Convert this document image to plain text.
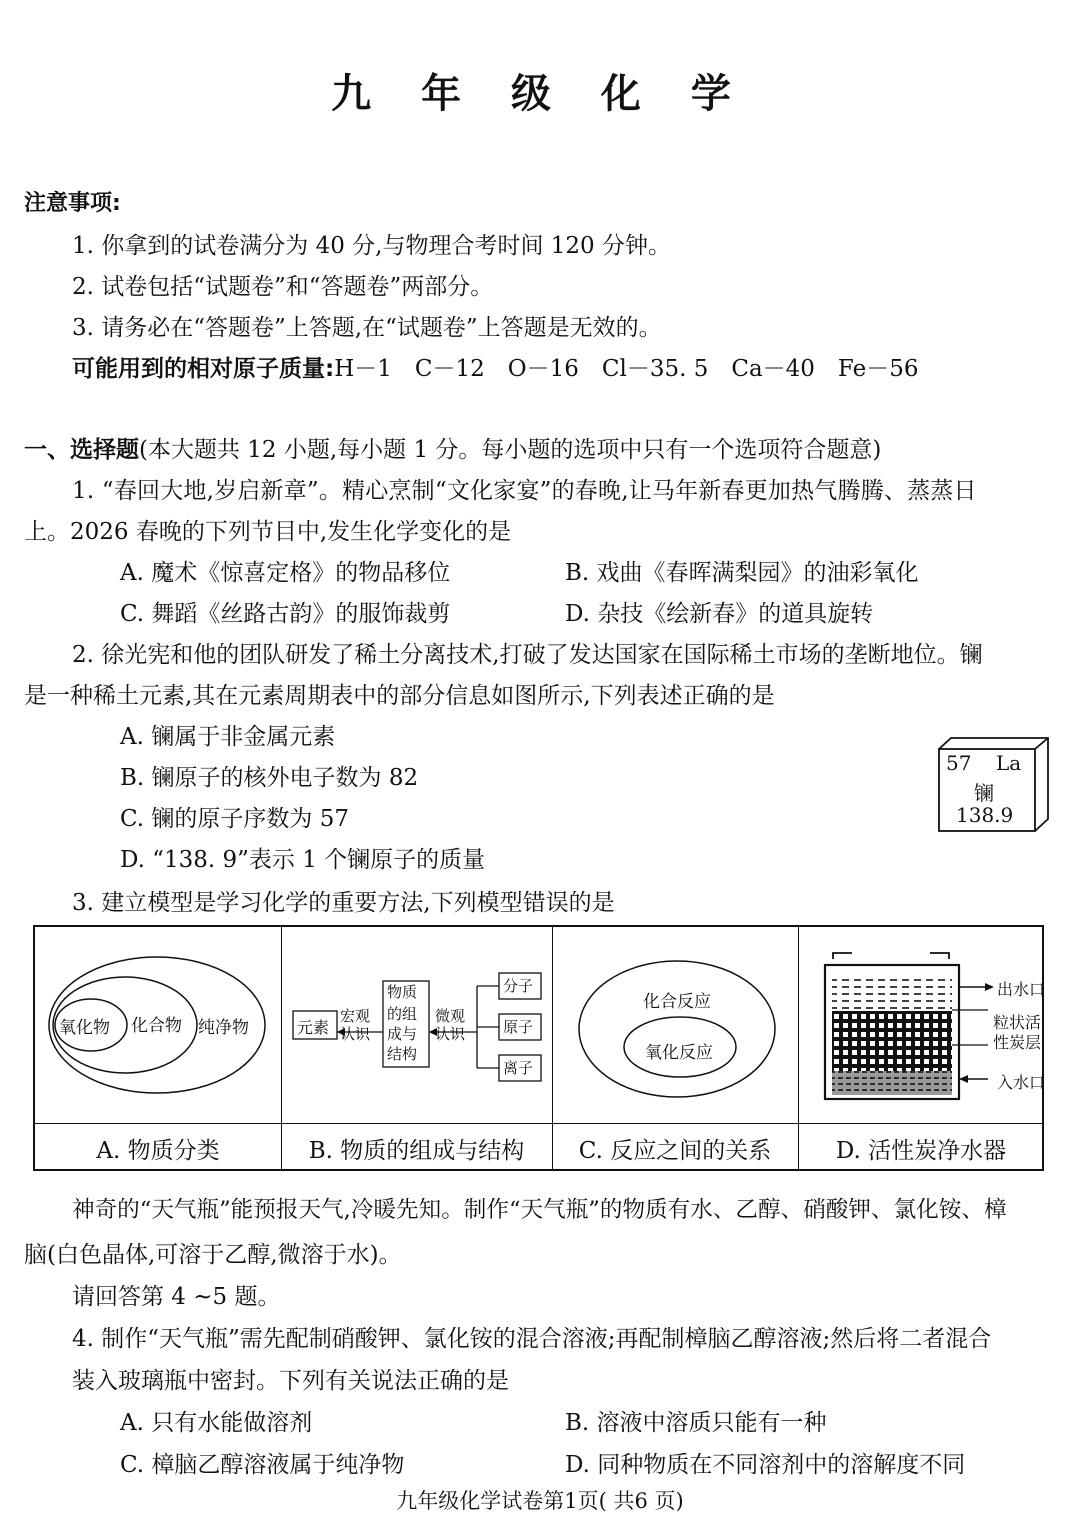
九 年 级 化 学
注意事项:
1. 你拿到的试卷满分为 40 分,与物理合考时间 120 分钟。
2. 试卷包括“试题卷”和“答题卷”两部分。
3. 请务必在“答题卷”上答题,在“试题卷”上答题是无效的。
可能用到的相对原子质量:H－1　C－12　O－16　Cl－35. 5　Ca－40　Fe－56
一、选择题(本大题共 12 小题,每小题 1 分。每小题的选项中只有一个选项符合题意)
1. “春回大地,岁启新章”。精心烹制“文化家宴”的春晚,让马年新春更加热气腾腾、蒸蒸日
上。2026 春晚的下列节目中,发生化学变化的是
A. 魔术《惊喜定格》的物品移位	B. 戏曲《春晖满梨园》的油彩氧化
C. 舞蹈《丝路古韵》的服饰裁剪	D. 杂技《绘新春》的道具旋转
2. 徐光宪和他的团队研发了稀土分离技术,打破了发达国家在国际稀土市场的垄断地位。镧
是一种稀土元素,其在元素周期表中的部分信息如图所示,下列表述正确的是
A. 镧属于非金属元素
B. 镧原子的核外电子数为 82
C. 镧的原子序数为 57
D. “138. 9”表示 1 个镧原子的质量
57 La
镧
138.9
3. 建立模型是学习化学的重要方法,下列模型错误的是
氧化物 化合物 纯净物	元素
宏观
认识
物质
的组
成与
结构
微观
认识
分子
原子
离子
化合反应
氧化反应
出水口
粒状活
性炭层
入水口
A. 物质分类	B. 物质的组成与结构	C. 反应之间的关系	D. 活性炭净水器
神奇的“天气瓶”能预报天气,冷暖先知。制作“天气瓶”的物质有水、乙醇、硝酸钾、氯化铵、樟
脑(白色晶体,可溶于乙醇,微溶于水)。
请回答第 4 ~5 题。
4. 制作“天气瓶”需先配制硝酸钾、氯化铵的混合溶液;再配制樟脑乙醇溶液;然后将二者混合
装入玻璃瓶中密封。下列有关说法正确的是
A. 只有水能做溶剂	B. 溶液中溶质只能有一种
C. 樟脑乙醇溶液属于纯净物	D. 同种物质在不同溶剂中的溶解度不同
九年级化学试卷第1页( 共6 页)
